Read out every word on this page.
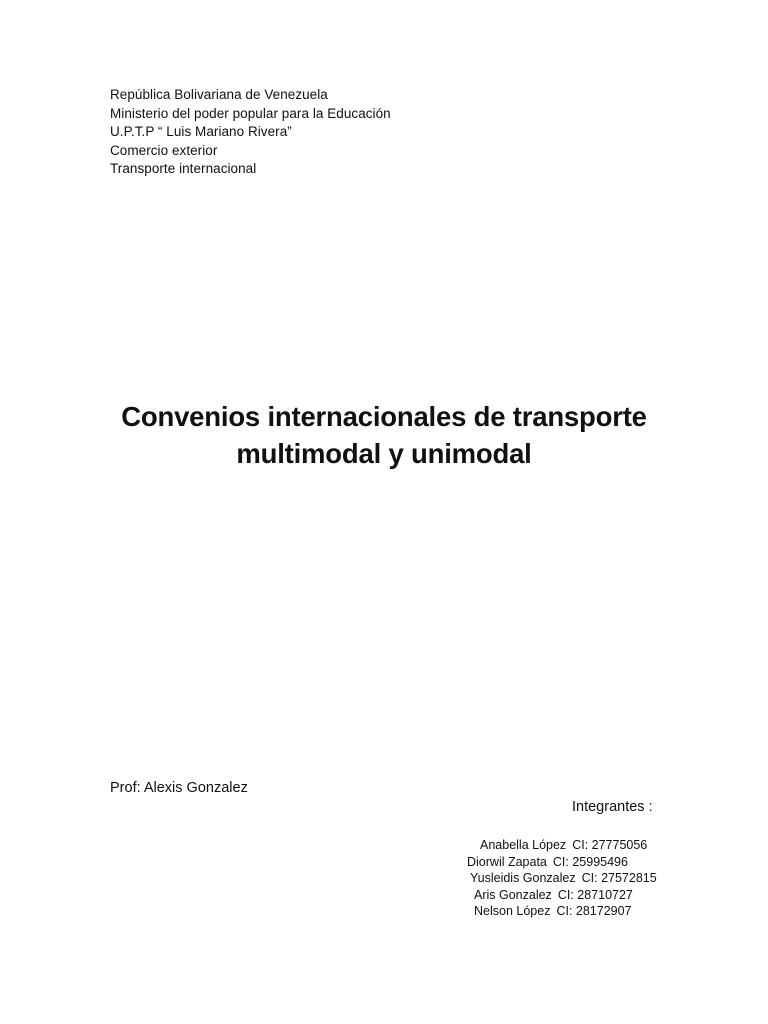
República Bolivariana de Venezuela
Ministerio del poder popular para la Educación
U.P.T.P “ Luis Mariano Rivera”
Comercio exterior
Transporte internacional
Convenios internacionales de transporte
multimodal y unimodal
Prof: Alexis Gonzalez
Integrantes :
Anabella López CI: 27775056
Diorwil Zapata CI: 25995496
Yusleidis Gonzalez CI: 27572815
Aris Gonzalez CI: 28710727
Nelson López CI: 28172907
